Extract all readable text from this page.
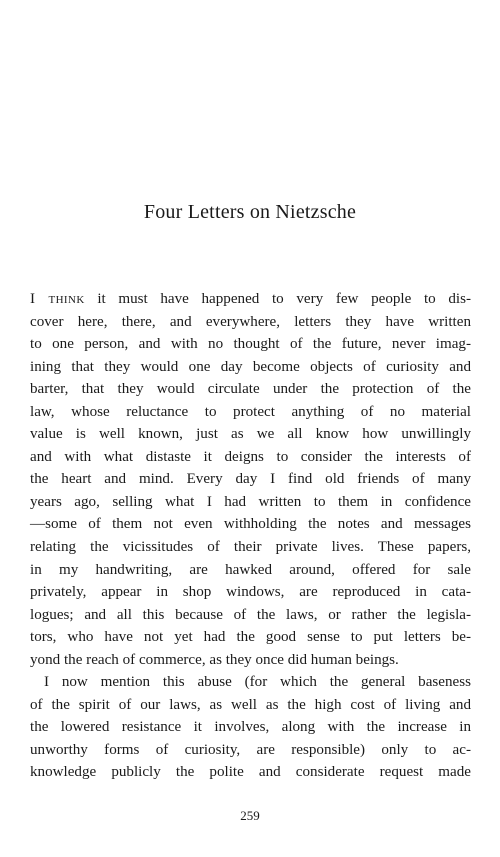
Four Letters on Nietzsche
I think it must have happened to very few people to dis-
cover here, there, and everywhere, letters they have written
to one person, and with no thought of the future, never imag-
ining that they would one day become objects of curiosity and
barter, that they would circulate under the protection of the
law, whose reluctance to protect anything of no material
value is well known, just as we all know how unwillingly
and with what distaste it deigns to consider the interests of
the heart and mind. Every day I find old friends of many
years ago, selling what I had written to them in confidence
—some of them not even withholding the notes and messages
relating the vicissitudes of their private lives. These papers,
in my handwriting, are hawked around, offered for sale
privately, appear in shop windows, are reproduced in cata-
logues; and all this because of the laws, or rather the legisla-
tors, who have not yet had the good sense to put letters be-
yond the reach of commerce, as they once did human beings.
I now mention this abuse (for which the general baseness
of the spirit of our laws, as well as the high cost of living and
the lowered resistance it involves, along with the increase in
unworthy forms of curiosity, are responsible) only to ac-
knowledge publicly the polite and considerate request made

259
